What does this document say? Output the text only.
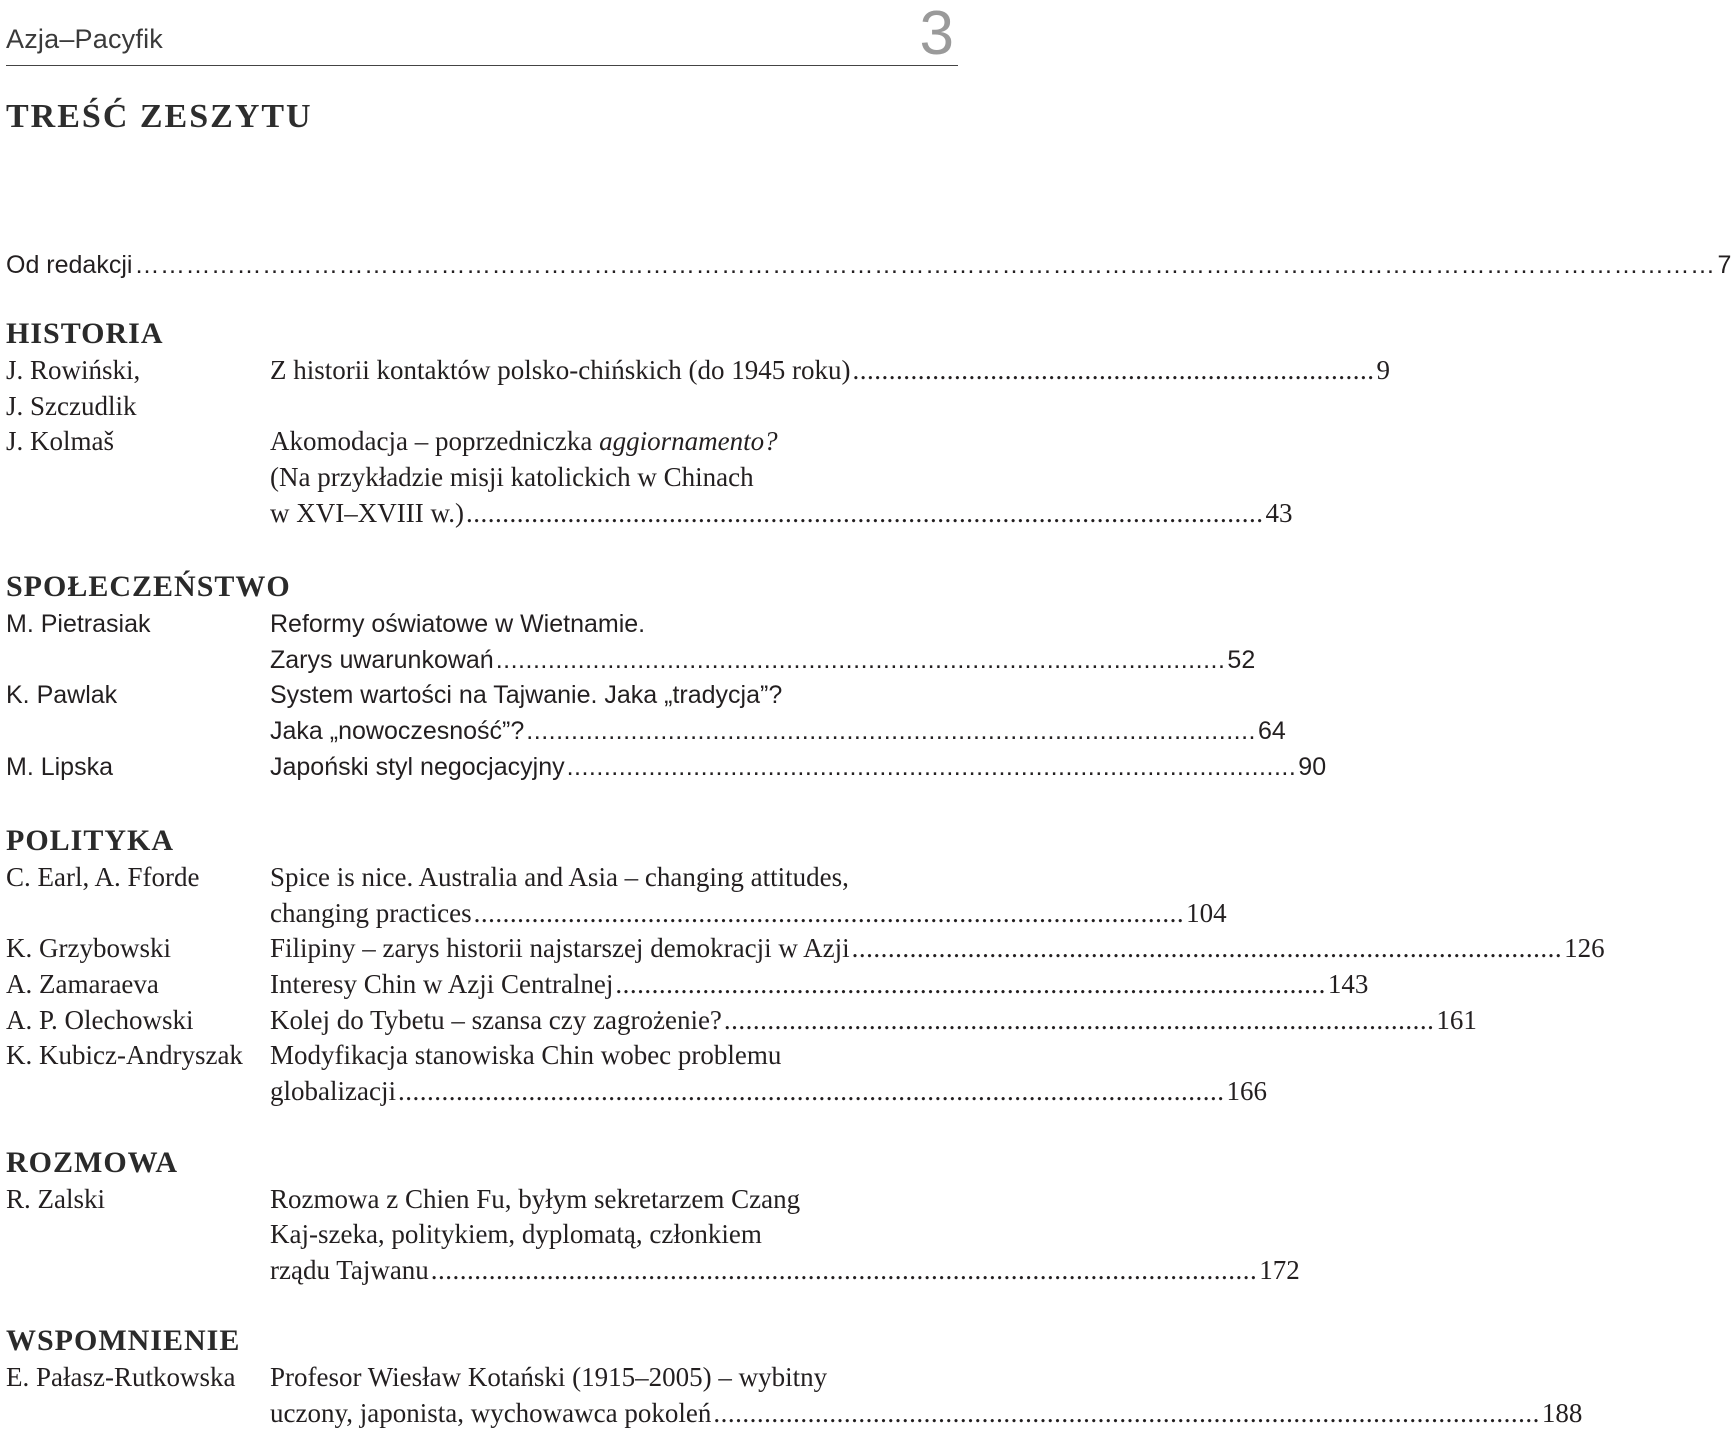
Azja–Pacyfik	3
TREŚĆ ZESZYTU
Od redakcji …………………………………………………………………………………………………………………………………………………………………… 7
HISTORIA
J. Rowiński,	Z historii kontaktów polsko-chińskich (do 1945 roku) ........................................................................ 9
J. Szczudlik
J. Kolmaš	Akomodacja – poprzedniczka aggiornamento?
(Na przykładzie misji katolickich w Chinach
w XVI–XVIII w.) .............................................................................................................. 43
SPOŁECZEŃSTWO
M. Pietrasiak	Reformy oświatowe w Wietnamie.
Zarys uwarunkowań .................................................................................................. 52
K. Pawlak	System wartości na Tajwanie. Jaka „tradycja”?
Jaka „nowoczesność”? .................................................................................................. 64
M. Lipska	Japoński styl negocjacyjny .................................................................................................. 90
POLITYKA
C. Earl, A. Fforde	Spice is nice. Australia and Asia – changing attitudes,
changing practices .................................................................................................. 104
K. Grzybowski	Filipiny – zarys historii najstarszej demokracji w Azji .................................................................................................. 126
A. Zamaraeva	Interesy Chin w Azji Centralnej .................................................................................................. 143
A. P. Olechowski	Kolej do Tybetu – szansa czy zagrożenie? .................................................................................................. 161
K. Kubicz-Andryszak Modyfikacja stanowiska Chin wobec problemu
globalizacji .................................................................................................................. 166
ROZMOWA
R. Zalski	Rozmowa z Chien Fu, byłym sekretarzem Czang
Kaj-szeka, politykiem, dyplomatą, członkiem
rządu Tajwanu .................................................................................................................. 172
WSPOMNIENIE
E. Pałasz-Rutkowska Profesor Wiesław Kotański (1915–2005) – wybitny
uczony, japonista, wychowawca pokoleń .................................................................................................................. 188
